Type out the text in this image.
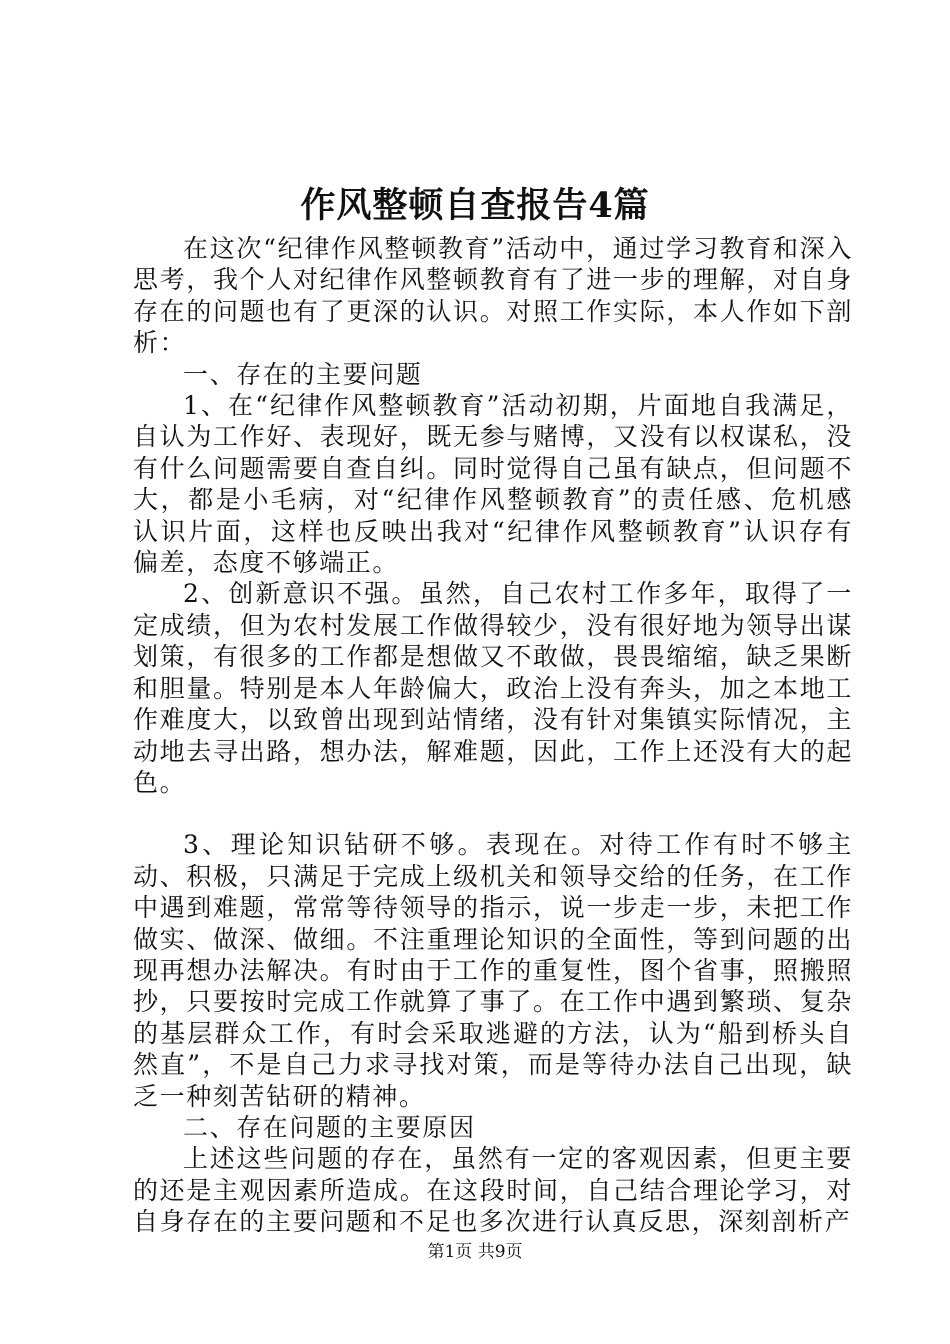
作风整顿自查报告4篇

在这次“纪律作风整顿教育”活动中，通过学习教育和深入思考，我个人对纪律作风整顿教育有了进一步的理解，对自身存在的问题也有了更深的认识。对照工作实际，本人作如下剖析：

一、存在的主要问题

1、在“纪律作风整顿教育”活动初期，片面地自我满足，自认为工作好、表现好，既无参与赌博，又没有以权谋私，没有什么问题需要自查自纠。同时觉得自己虽有缺点，但问题不大，都是小毛病，对“纪律作风整顿教育”的责任感、危机感认识片面，这样也反映出我对“纪律作风整顿教育”认识存有偏差，态度不够端正。

2、创新意识不强。虽然，自己农村工作多年，取得了一定成绩，但为农村发展工作做得较少，没有很好地为领导出谋划策，有很多的工作都是想做又不敢做，畏畏缩缩，缺乏果断和胆量。特别是本人年龄偏大，政治上没有奔头，加之本地工作难度大，以致曾出现到站情绪，没有针对集镇实际情况，主动地去寻出路，想办法，解难题，因此，工作上还没有大的起色。

3、理论知识钻研不够。表现在。对待工作有时不够主动、积极，只满足于完成上级机关和领导交给的任务，在工作中遇到难题，常常等待领导的指示，说一步走一步，未把工作做实、做深、做细。不注重理论知识的全面性，等到问题的出现再想办法解决。有时由于工作的重复性，图个省事，照搬照抄，只要按时完成工作就算了事了。在工作中遇到繁琐、复杂的基层群众工作，有时会采取逃避的方法，认为“船到桥头自然直”，不是自己力求寻找对策，而是等待办法自己出现，缺乏一种刻苦钻研的精神。

二、存在问题的主要原因

上述这些问题的存在，虽然有一定的客观因素，但更主要的还是主观因素所造成。在这段时间，自己结合理论学习，对自身存在的主要问题和不足也多次进行认真反思，深刻剖析产

第1页 共9页
